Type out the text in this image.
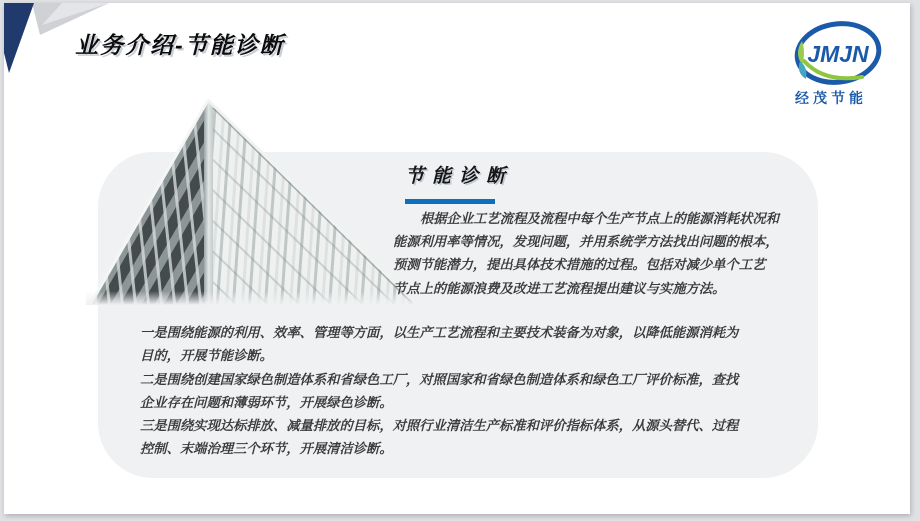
业务介绍-节能诊断	JMJN
经茂节能
节能诊断
根据企业工艺流程及流程中每个生产节点上的能源消耗状况和
能源利用率等情况，发现问题，并用系统学方法找出问题的根本，
预测节能潜力，提出具体技术措施的过程。包括对减少单个工艺
节点上的能源浪费及改进工艺流程提出建议与实施方法。
一是围绕能源的利用、效率、管理等方面，以生产工艺流程和主要技术装备为对象，以降低能源消耗为
目的，开展节能诊断。
二是围绕创建国家绿色制造体系和省绿色工厂，对照国家和省绿色制造体系和绿色工厂评价标准，查找
企业存在问题和薄弱环节，开展绿色诊断。
三是围绕实现达标排放、减量排放的目标，对照行业清洁生产标准和评价指标体系，从源头替代、过程
控制、末端治理三个环节，开展清洁诊断。
